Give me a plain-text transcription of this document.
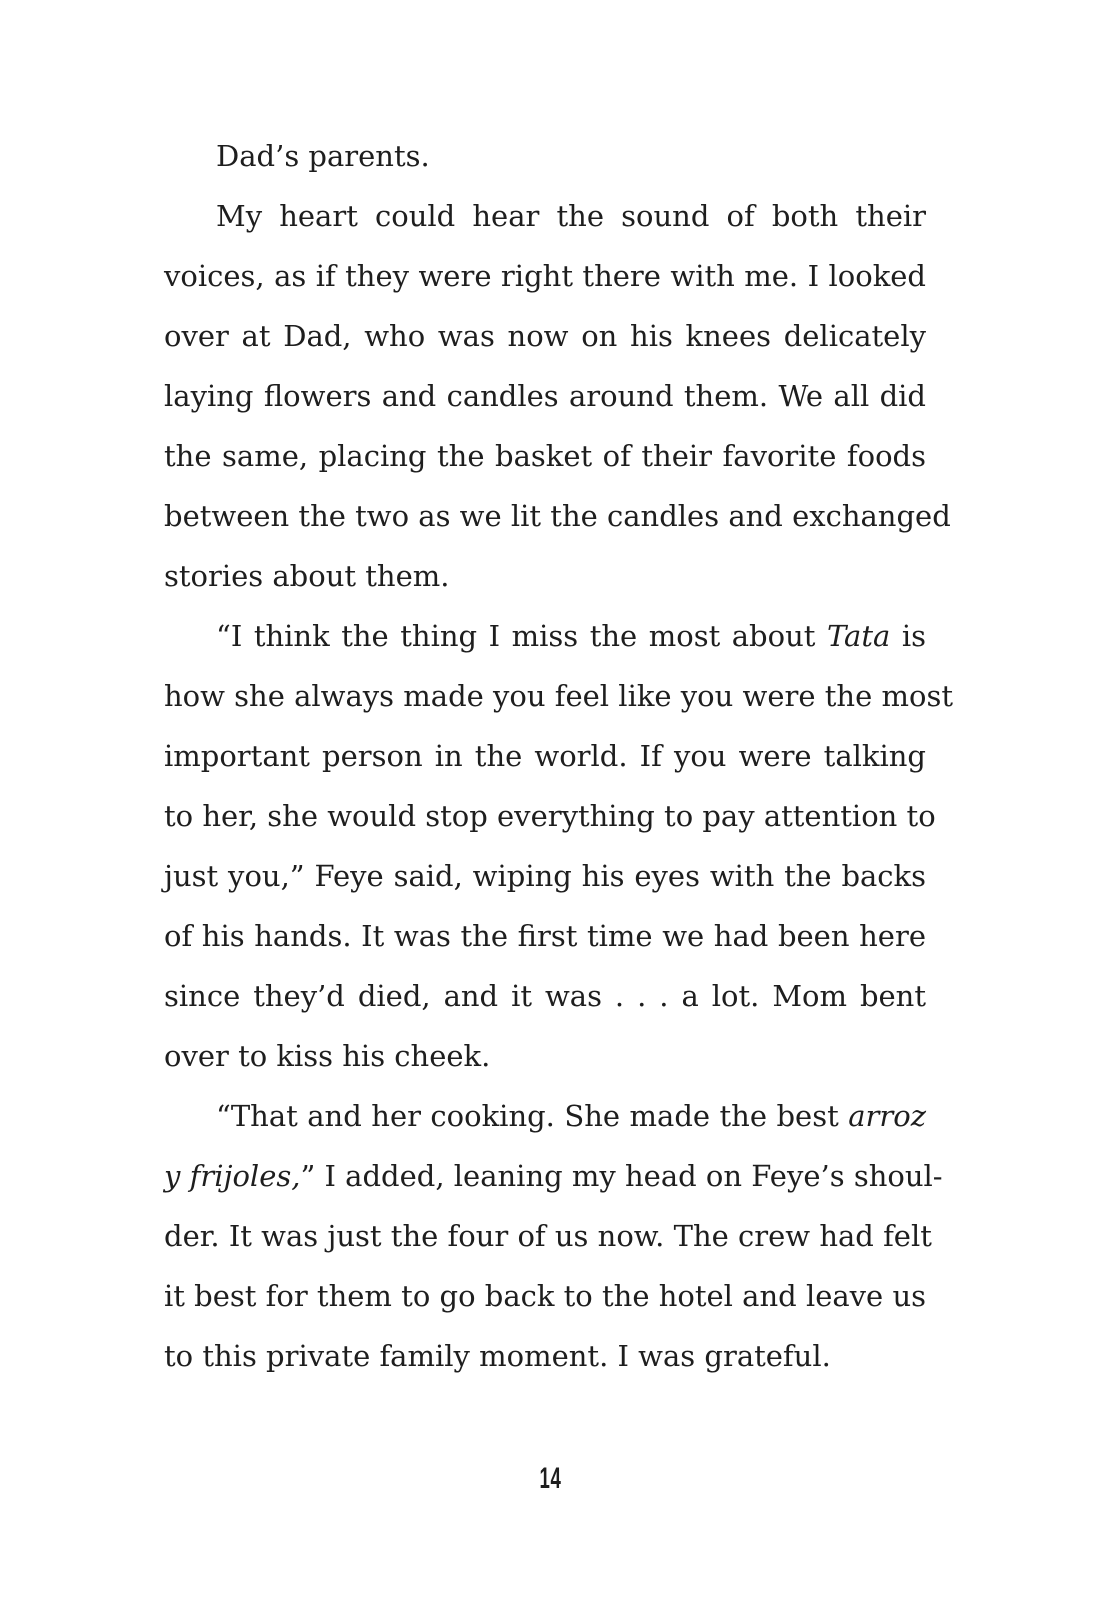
Dad’s parents.
My heart could hear the sound of both their
voices, as if they were right there with me. I looked
over at Dad, who was now on his knees delicately
laying flowers and candles around them. We all did
the same, placing the basket of their favorite foods
between the two as we lit the candles and exchanged
stories about them.
“I think the thing I miss the most about Tata is
how she always made you feel like you were the most
important person in the world. If you were talking
to her, she would stop everything to pay attention to
just you,” Feye said, wiping his eyes with the backs
of his hands. It was the first time we had been here
since they’d died, and it was . . . a lot. Mom bent
over to kiss his cheek.
“That and her cooking. She made the best arroz
y frijoles,” I added, leaning my head on Feye’s shoul-
der. It was just the four of us now. The crew had felt
it best for them to go back to the hotel and leave us
to this private family moment. I was grateful.
14
